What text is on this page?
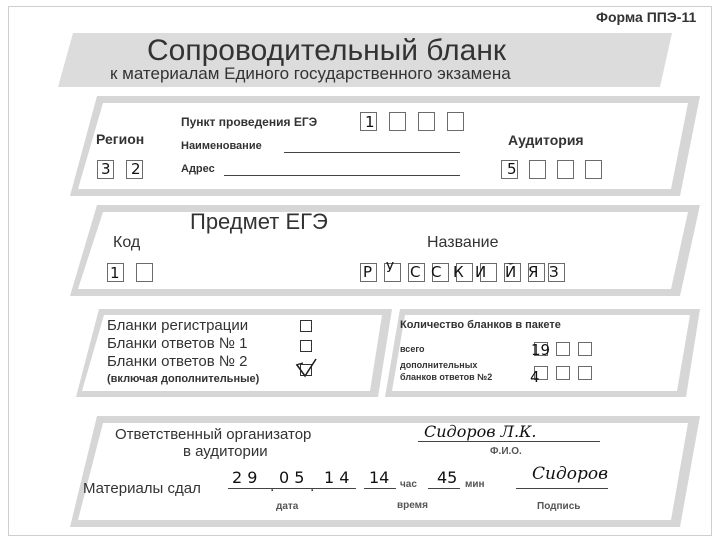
Форма ППЭ-11
Сопроводительный бланк
к материалам Единого государственного экзамена
Регион
3 2
Пункт проведения ЕГЭ	1
Наименование
Адрес
Аудитория
5
Предмет ЕГЭ
Код
1
Название
Р У С С К И Й Я З
Бланки регистрации
Бланки ответов № 1
Бланки ответов № 2
(включая дополнительные)
Количество бланков в пакете
всего	19
дополнительных
бланков ответов №2	4
Ответственный организатор
в аудитории
Сидоров Л.К.
Ф.И.О.
Материалы сдал
2 9 . 0 5 . 1 4
дата
14 час 45 мин
время
Сидоров
Подпись
